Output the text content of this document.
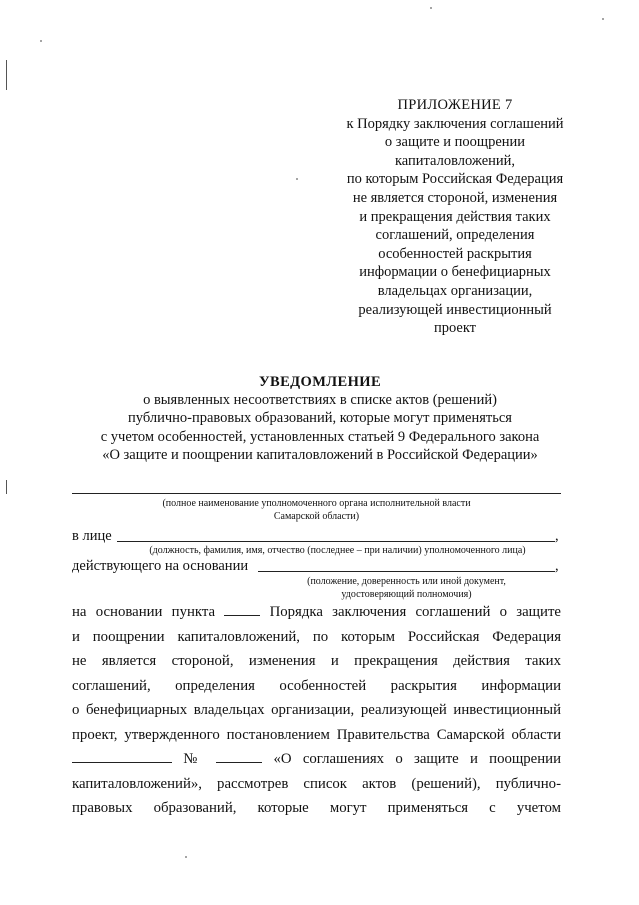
ПРИЛОЖЕНИЕ 7
к Порядку заключения соглашений
о защите и поощрении
капиталовложений,
по которым Российская Федерация
не является стороной, изменения
и прекращения действия таких
соглашений, определения
особенностей раскрытия
информации о бенефициарных
владельцах организации,
реализующей инвестиционный
проект
УВЕДОМЛЕНИЕ
о выявленных несоответствиях в списке актов (решений)
публично-правовых образований, которые могут применяться
с учетом особенностей, установленных статьей 9 Федерального закона
«О защите и поощрении капиталовложений в Российской Федерации»
(полное наименование уполномоченного органа исполнительной власти
Самарской области)
в лице	,
(должность, фамилия, имя, отчество (последнее – при наличии) уполномоченного лица)
действующего на основании	,
(положение, доверенность или иной документ,
удостоверяющий полномочия)
на основании пункта	Порядка заключения соглашений о защите
и поощрении капиталовложений, по которым Российская Федерация
не является стороной, изменения и прекращения действия таких
соглашений, определения особенностей раскрытия информации
о бенефициарных владельцах организации, реализующей инвестиционный
проект, утвержденного постановлением Правительства Самарской области
№	«О соглашениях о защите и поощрении
капиталовложений», рассмотрев список актов (решений), публично-
правовых образований, которые могут применяться с учетом
